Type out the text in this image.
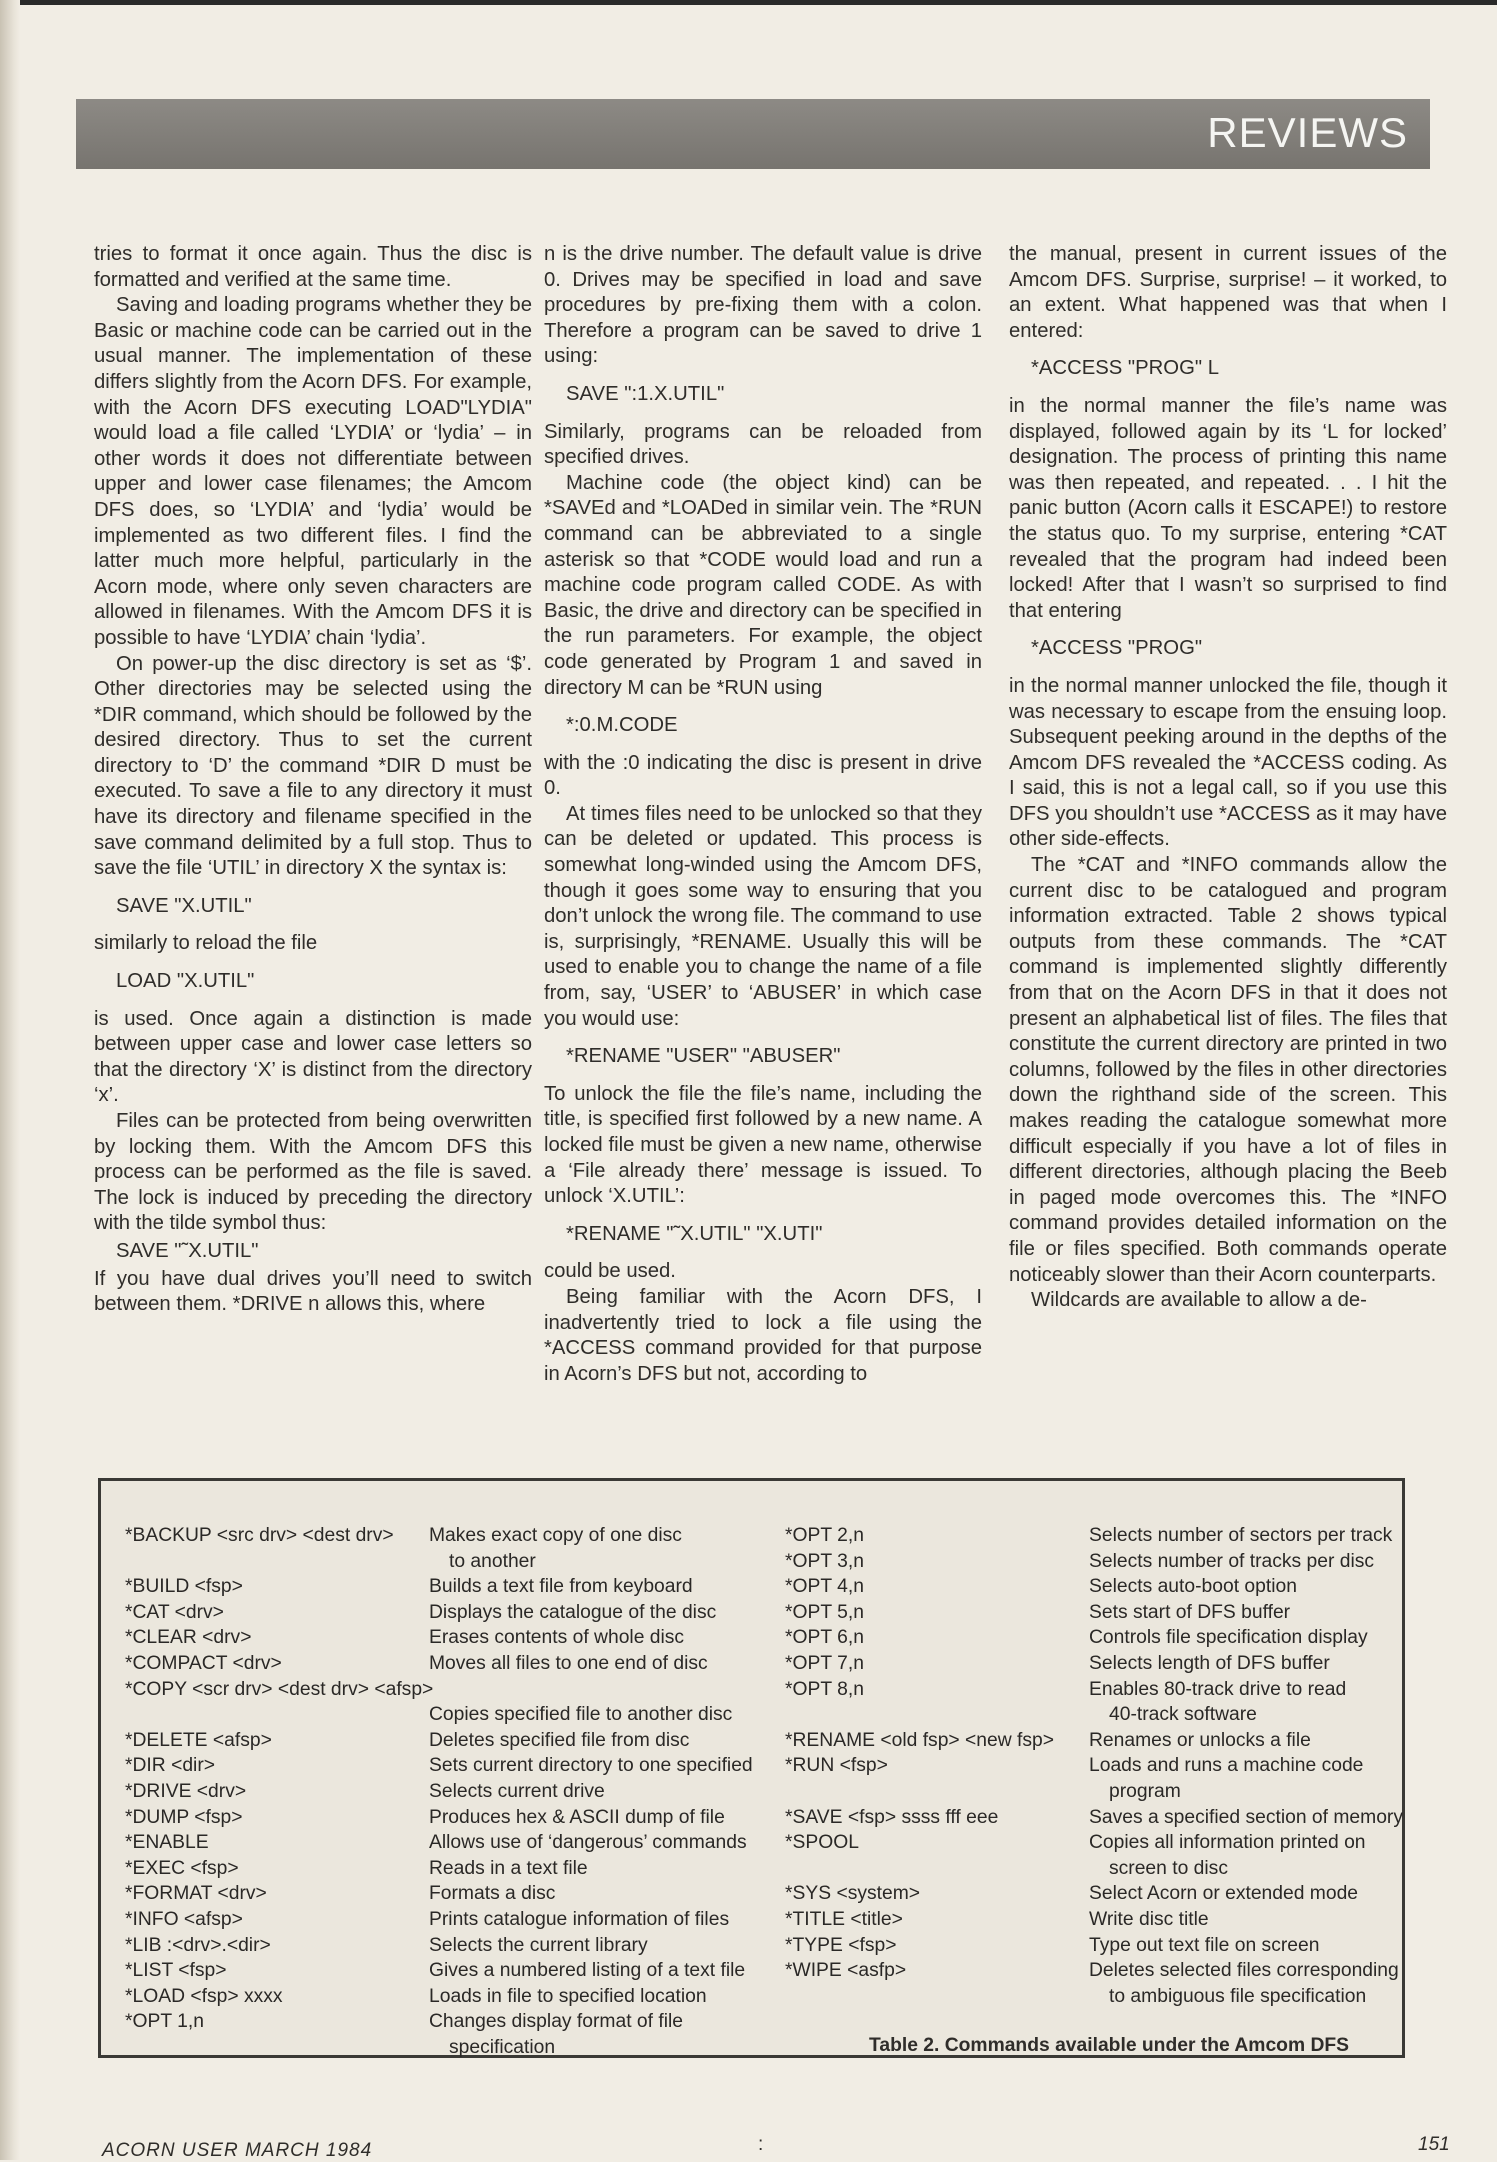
REVIEWS

tries to format it once again. Thus the disc is formatted and verified at the same time.

Saving and loading programs whether they be Basic or machine code can be carried out in the usual manner. The implementation of these differs slightly from the Acorn DFS. For example, with the Acorn DFS executing LOAD"LYDIA" would load a file called ‘LYDIA’ or ‘lydia’ – in other words it does not differentiate between upper and lower case filenames; the Amcom DFS does, so ‘LYDIA’ and ‘lydia’ would be implemented as two different files. I find the latter much more helpful, particularly in the Acorn mode, where only seven characters are allowed in filenames. With the Amcom DFS it is possible to have ‘LYDIA’ chain ‘lydia’.

On power-up the disc directory is set as ‘$’. Other directories may be selected using the *DIR command, which should be followed by the desired directory. Thus to set the current directory to ‘D’ the command *DIR D must be executed. To save a file to any directory it must have its directory and filename specified in the save command delimited by a full stop. Thus to save the file ‘UTIL’ in directory X the syntax is:

SAVE "X.UTIL"

similarly to reload the file

LOAD "X.UTIL"

is used. Once again a distinction is made between upper case and lower case letters so that the directory ‘X’ is distinct from the directory ‘x’.

Files can be protected from being overwritten by locking them. With the Amcom DFS this process can be performed as the file is saved. The lock is induced by preceding the directory with the tilde symbol thus:

SAVE "˜X.UTIL"

If you have dual drives you’ll need to switch between them. *DRIVE n allows this, where

n is the drive number. The default value is drive 0. Drives may be specified in load and save procedures by pre-fixing them with a colon. Therefore a program can be saved to drive 1 using:

SAVE ":1.X.UTIL"

Similarly, programs can be reloaded from specified drives.

Machine code (the object kind) can be *SAVEd and *LOADed in similar vein. The *RUN command can be abbreviated to a single asterisk so that *CODE would load and run a machine code program called CODE. As with Basic, the drive and directory can be specified in the run parameters. For example, the object code generated by Program 1 and saved in directory M can be *RUN using

*:0.M.CODE

with the :0 indicating the disc is present in drive 0.

At times files need to be unlocked so that they can be deleted or updated. This process is somewhat long-winded using the Amcom DFS, though it goes some way to ensuring that you don’t unlock the wrong file. The command to use is, surprisingly, *RENAME. Usually this will be used to enable you to change the name of a file from, say, ‘USER’ to ‘ABUSER’ in which case you would use:

*RENAME "USER" "ABUSER"

To unlock the file the file’s name, including the title, is specified first followed by a new name. A locked file must be given a new name, otherwise a ‘File already there’ message is issued. To unlock ‘X.UTIL’:

*RENAME "˜X.UTIL" "X.UTI"

could be used.

Being familiar with the Acorn DFS, I inadvertently tried to lock a file using the *ACCESS command provided for that purpose in Acorn’s DFS but not, according to

the manual, present in current issues of the Amcom DFS. Surprise, surprise! – it worked, to an extent. What happened was that when I entered:

*ACCESS "PROG" L

in the normal manner the file’s name was displayed, followed again by its ‘L for locked’ designation. The process of printing this name was then repeated, and repeated. . . I hit the panic button (Acorn calls it ESCAPE!) to restore the status quo. To my surprise, entering *CAT revealed that the program had indeed been locked! After that I wasn’t so surprised to find that entering

*ACCESS "PROG"

in the normal manner unlocked the file, though it was necessary to escape from the ensuing loop. Subsequent peeking around in the depths of the Amcom DFS revealed the *ACCESS coding. As I said, this is not a legal call, so if you use this DFS you shouldn’t use *ACCESS as it may have other side-effects.

The *CAT and *INFO commands allow the current disc to be catalogued and program information extracted. Table 2 shows typical outputs from these commands. The *CAT command is implemented slightly differently from that on the Acorn DFS in that it does not present an alphabetical list of files. The files that constitute the current directory are printed in two columns, followed by the files in other directories down the righthand side of the screen. This makes reading the catalogue somewhat more difficult especially if you have a lot of files in different directories, although placing the Beeb in paged mode overcomes this. The *INFO command provides detailed information on the file or files specified. Both commands operate noticeably slower than their Acorn counterparts.

Wildcards are available to allow a de-

*BACKUP <src drv> <dest drv>	Makes exact copy of one disc
to another
*BUILD <fsp>	Builds a text file from keyboard
*CAT <drv>	Displays the catalogue of the disc
*CLEAR <drv>	Erases contents of whole disc
*COMPACT <drv>	Moves all files to one end of disc
*COPY <scr drv> <dest drv> <afsp>
Copies specified file to another disc
*DELETE <afsp>	Deletes specified file from disc
*DIR <dir>	Sets current directory to one specified
*DRIVE <drv>	Selects current drive
*DUMP <fsp>	Produces hex & ASCII dump of file
*ENABLE	Allows use of ‘dangerous’ commands
*EXEC <fsp>	Reads in a text file
*FORMAT <drv>	Formats a disc
*INFO <afsp>	Prints catalogue information of files
*LIB :<drv>.<dir>	Selects the current library
*LIST <fsp>	Gives a numbered listing of a text file
*LOAD <fsp> xxxx	Loads in file to specified location
*OPT 1,n	Changes display format of file
specification
*OPT 2,n	Selects number of sectors per track
*OPT 3,n	Selects number of tracks per disc
*OPT 4,n	Selects auto-boot option
*OPT 5,n	Sets start of DFS buffer
*OPT 6,n	Controls file specification display
*OPT 7,n	Selects length of DFS buffer
*OPT 8,n	Enables 80-track drive to read
40-track software
*RENAME <old fsp> <new fsp>	Renames or unlocks a file
*RUN <fsp>	Loads and runs a machine code
program
*SAVE <fsp> ssss fff eee	Saves a specified section of memory
*SPOOL	Copies all information printed on
screen to disc
*SYS <system>	Select Acorn or extended mode
*TITLE <title>	Write disc title
*TYPE <fsp>	Type out text file on screen
*WIPE <asfp>	Deletes selected files corresponding
to ambiguous file specification
Table 2. Commands available under the Amcom DFS
ACORN USER MARCH 1984	:	151
